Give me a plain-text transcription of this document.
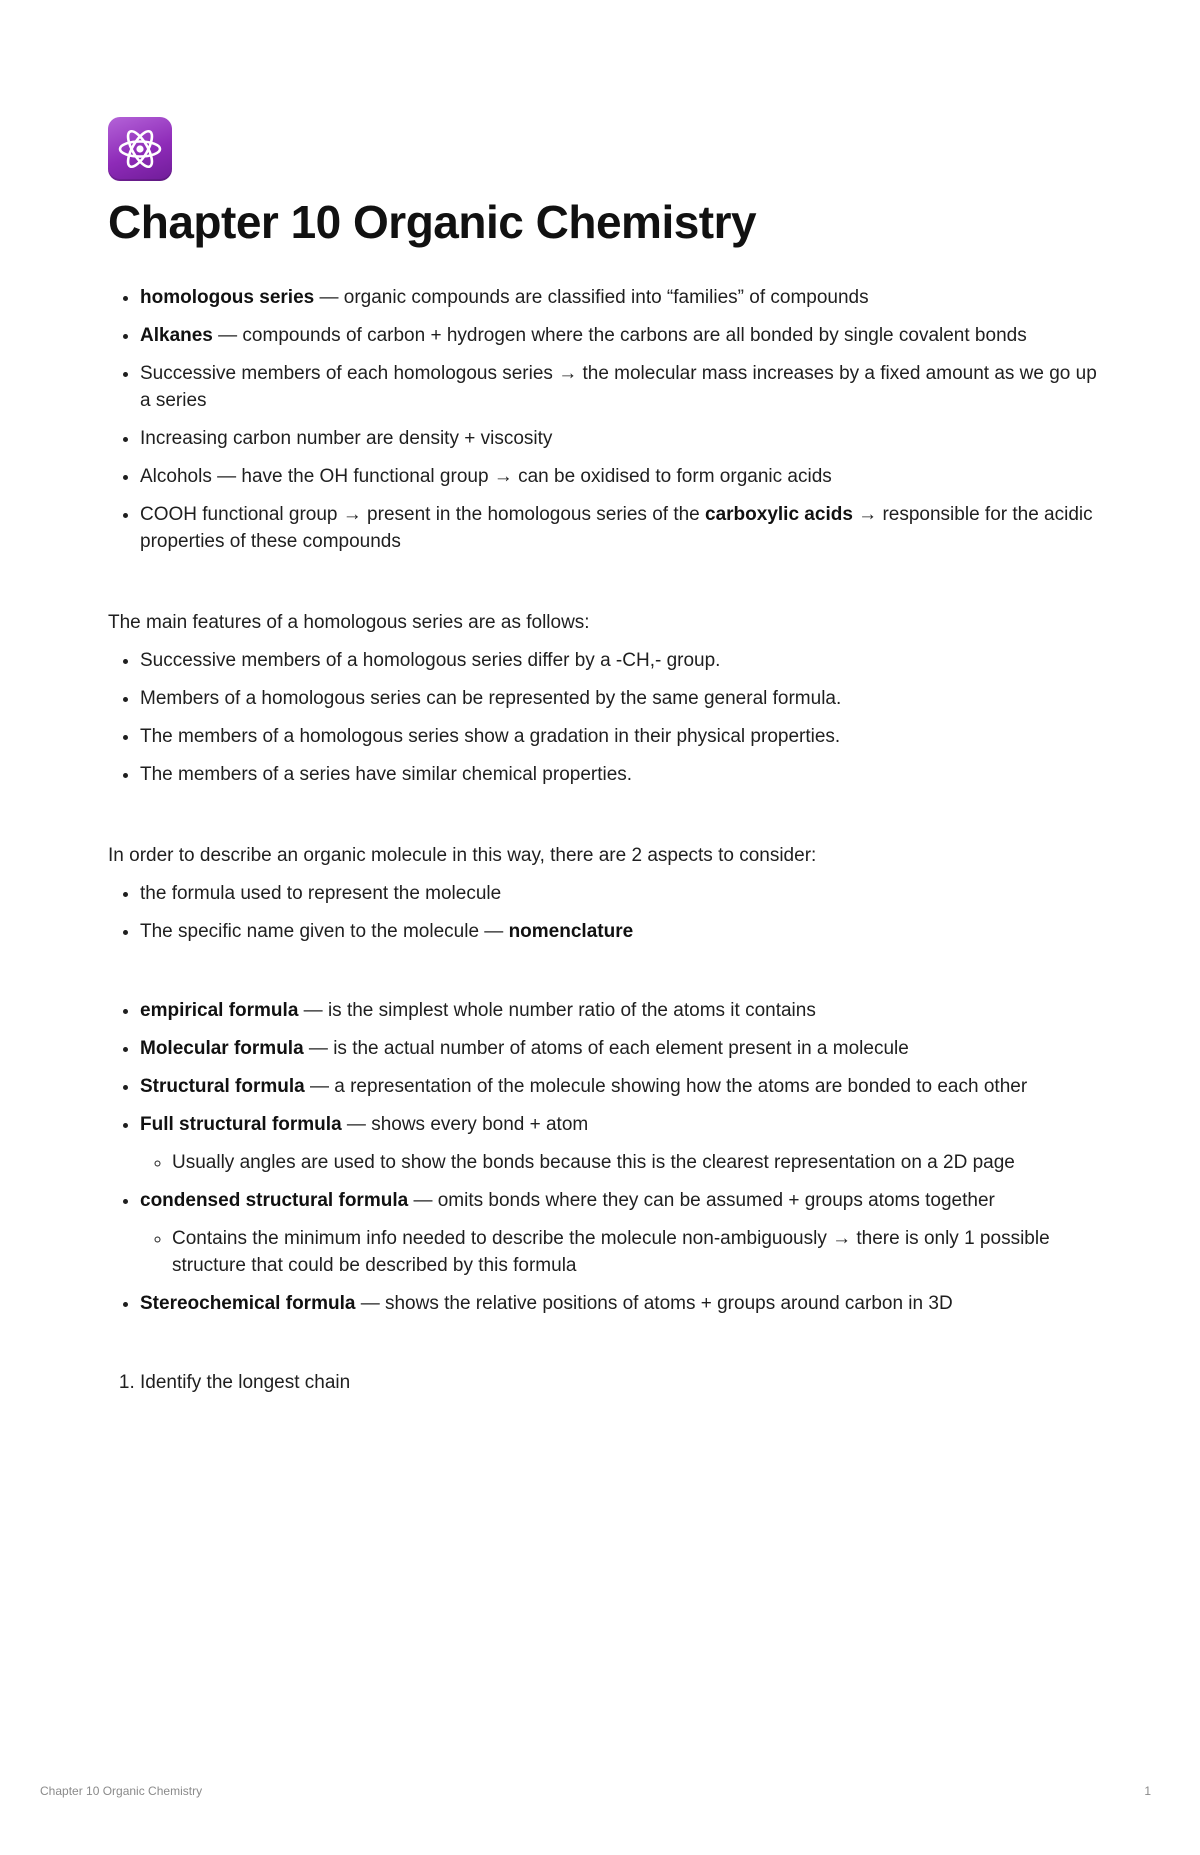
Chapter 10 Organic Chemistry
• homologous series — organic compounds are classified into “families” of compounds
• Alkanes — compounds of carbon + hydrogen where the carbons are all bonded by single covalent bonds
• Successive members of each homologous series → the molecular mass increases by a fixed amount as we go up a series
• Increasing carbon number are density + viscosity
• Alcohols — have the OH functional group → can be oxidised to form organic acids
• COOH functional group → present in the homologous series of the carboxylic acids → responsible for the acidic properties of these compounds

The main features of a homologous series are as follows:

• Successive members of a homologous series differ by a -CH,- group.
• Members of a homologous series can be represented by the same general formula.
• The members of a homologous series show a gradation in their physical properties.
• The members of a series have similar chemical properties.

In order to describe an organic molecule in this way, there are 2 aspects to consider:

• the formula used to represent the molecule
• The specific name given to the molecule — nomenclature
• empirical formula — is the simplest whole number ratio of the atoms it contains
• Molecular formula — is the actual number of atoms of each element present in a molecule
• Structural formula — a representation of the molecule showing how the atoms are bonded to each other
• Full structural formula — shows every bond + atom
◦ Usually angles are used to show the bonds because this is the clearest representation on a 2D page
• condensed structural formula — omits bonds where they can be assumed + groups atoms together
◦ Contains the minimum info needed to describe the molecule non-ambiguously → there is only 1 possible structure that could be described by this formula
• Stereochemical formula — shows the relative positions of atoms + groups around carbon in 3D
1. Identify the longest chain
Chapter 10 Organic Chemistry	1
